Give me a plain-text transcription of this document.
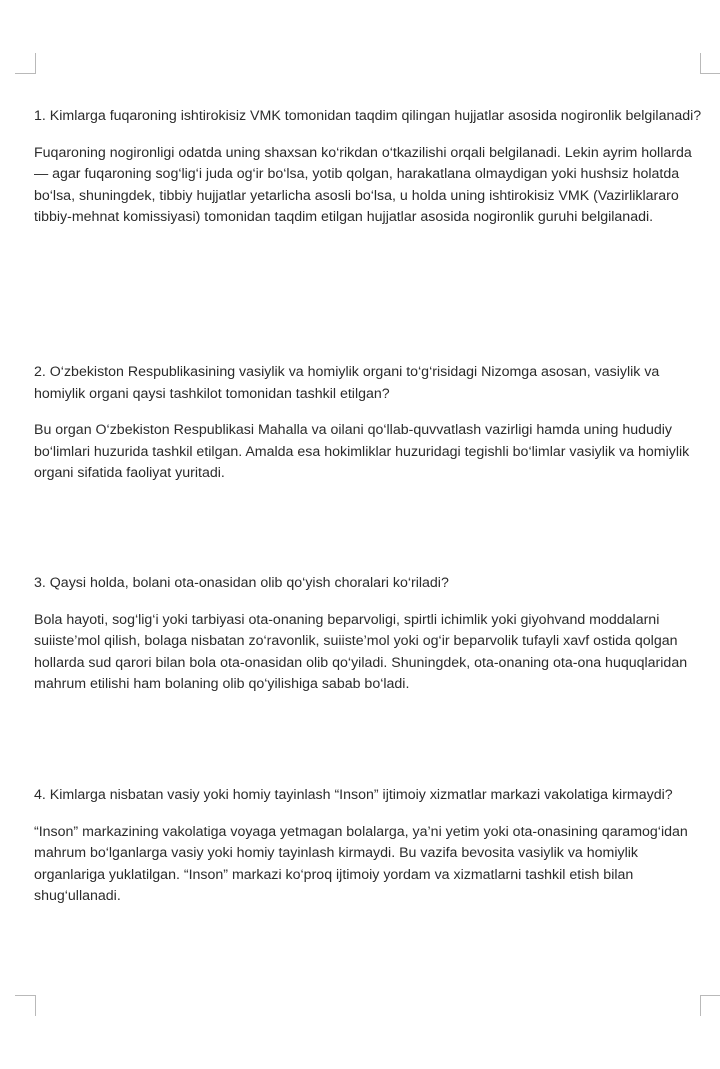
1. Kimlarga fuqaroning ishtirokisiz VMK tomonidan taqdim qilingan hujjatlar asosida nogironlik belgilanadi?

Fuqaroning nogironligi odatda uning shaxsan ko‘rikdan o‘tkazilishi orqali belgilanadi. Lekin ayrim hollarda — agar fuqaroning sog‘lig‘i juda og‘ir bo‘lsa, yotib qolgan, harakatlana olmaydigan yoki hushsiz holatda bo‘lsa, shuningdek, tibbiy hujjatlar yetarlicha asosli bo‘lsa, u holda uning ishtirokisiz VMK (Vazirliklararo tibbiy-mehnat komissiyasi) tomonidan taqdim etilgan hujjatlar asosida nogironlik guruhi belgilanadi.

2. O‘zbekiston Respublikasining vasiylik va homiylik organi to‘g‘risidagi Nizomga asosan, vasiylik va homiylik organi qaysi tashkilot tomonidan tashkil etilgan?

Bu organ O‘zbekiston Respublikasi Mahalla va oilani qo‘llab-quvvatlash vazirligi hamda uning hududiy bo‘limlari huzurida tashkil etilgan. Amalda esa hokimliklar huzuridagi tegishli bo‘limlar vasiylik va homiylik organi sifatida faoliyat yuritadi.

3. Qaysi holda, bolani ota-onasidan olib qo‘yish choralari ko‘riladi?

Bola hayoti, sog‘lig‘i yoki tarbiyasi ota-onaning beparvoligi, spirtli ichimlik yoki giyohvand moddalarni suiiste’mol qilish, bolaga nisbatan zo‘ravonlik, suiiste’mol yoki og‘ir beparvolik tufayli xavf ostida qolgan hollarda sud qarori bilan bola ota-onasidan olib qo‘yiladi. Shuningdek, ota-onaning ota-ona huquqlaridan mahrum etilishi ham bolaning olib qo‘yilishiga sabab bo‘ladi.

4. Kimlarga nisbatan vasiy yoki homiy tayinlash “Inson” ijtimoiy xizmatlar markazi vakolatiga kirmaydi?

“Inson” markazining vakolatiga voyaga yetmagan bolalarga, ya’ni yetim yoki ota-onasining qaramog‘idan mahrum bo‘lganlarga vasiy yoki homiy tayinlash kirmaydi. Bu vazifa bevosita vasiylik va homiylik organlariga yuklatilgan. “Inson” markazi ko‘proq ijtimoiy yordam va xizmatlarni tashkil etish bilan shug‘ullanadi.
